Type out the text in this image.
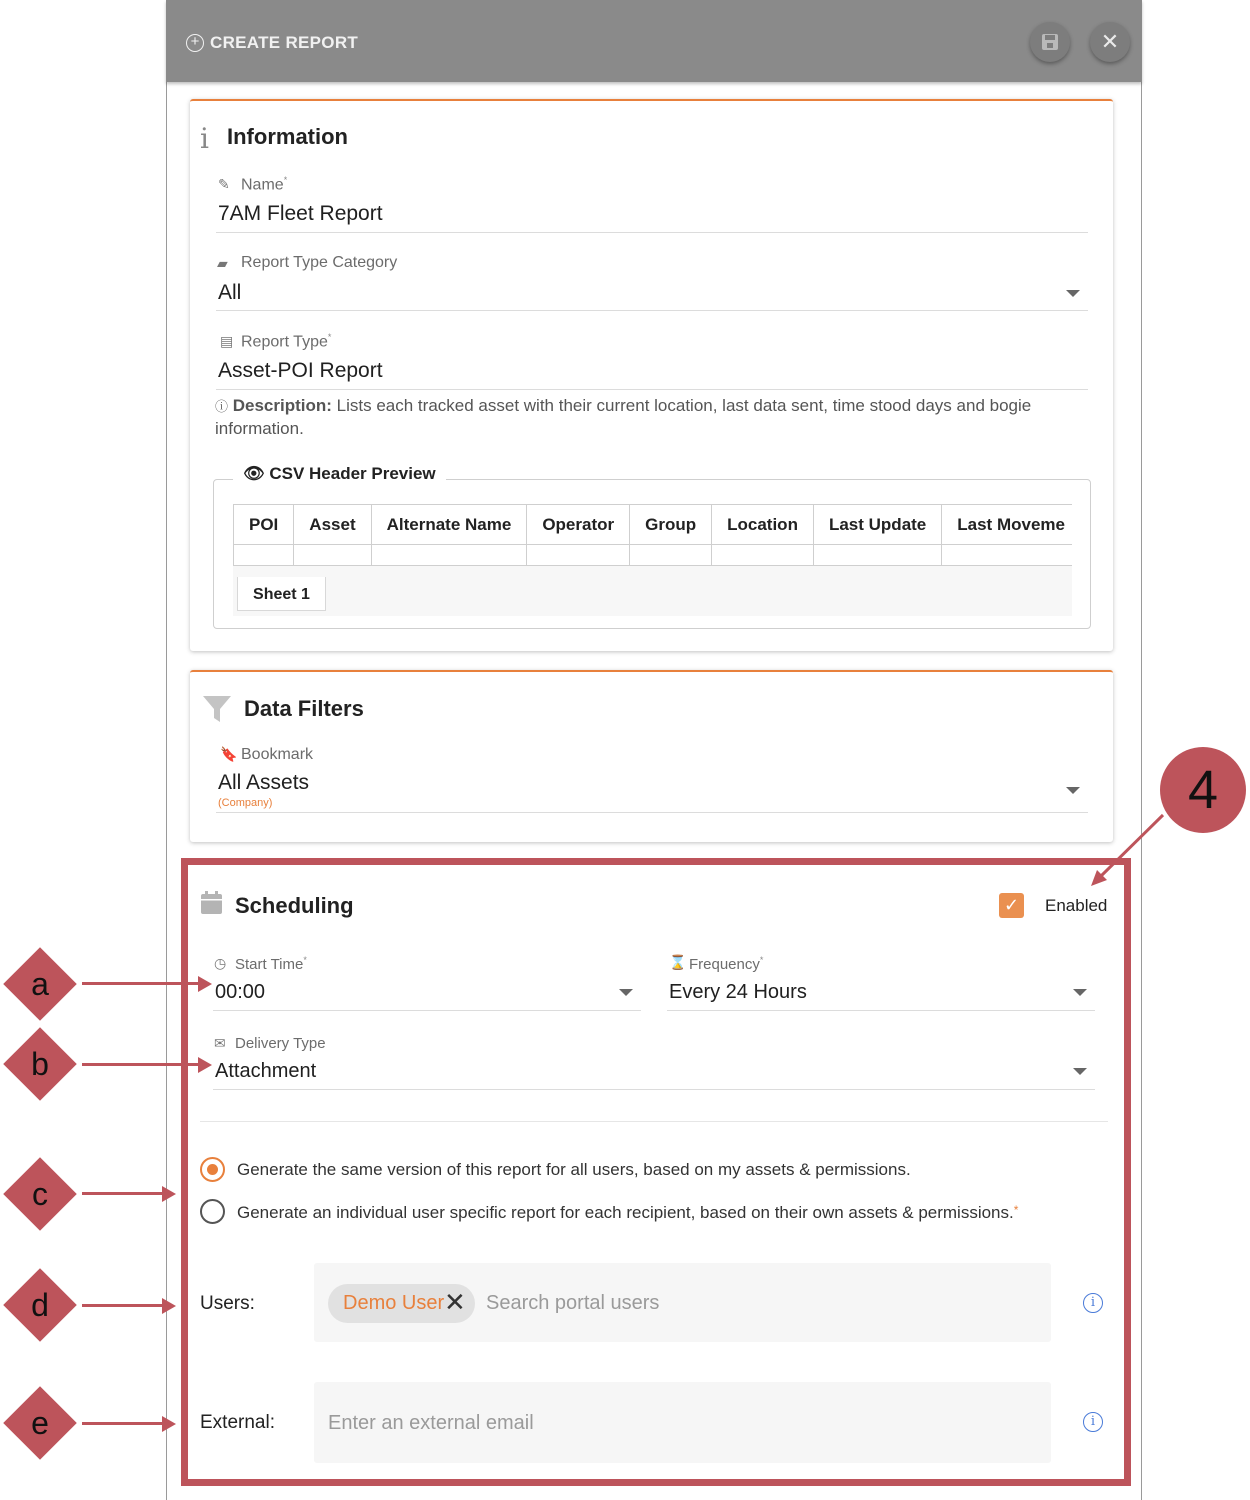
+ CREATE REPORT	✕
i Information
✎ Name*
7AM Fleet Report
▰ Report Type Category
All
▤ Report Type*
Asset-POI Report
ⓘ Description: Lists each tracked asset with their current location, last data sent, time stood days and bogie information.
👁 CSV Header Preview
POI	Asset	Alternate Name	Operator	Group	Location	Last Update	Last Moveme

Sheet 1
Data Filters
🔖 Bookmark
All Assets
(Company)
Scheduling	✓ Enabled
◷ Start Time*
00:00
⌛ Frequency*
Every 24 Hours
✉ Delivery Type
Attachment
Generate the same version of this report for all users, based on my assets & permissions.
Generate an individual user specific report for each recipient, based on their own assets & permissions.*
Users:	Demo User ✕ Search portal users	i
External:	Enter an external email	i
4
a
b
c
d
e
